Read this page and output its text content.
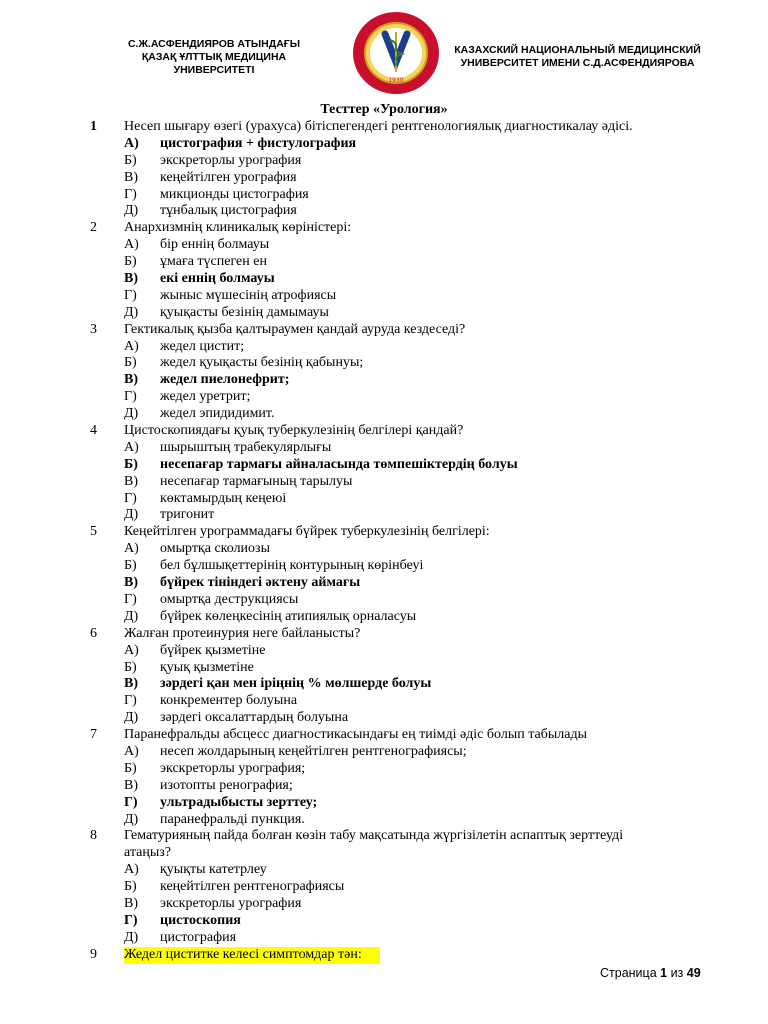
С.Ж.АСФЕНДИЯРОВ АТЫНДАҒЫ
ҚАЗАҚ ҰЛТТЫҚ МЕДИЦИНА
УНИВЕРСИТЕТІ
1930
КАЗАХСКИЙ НАЦИОНАЛЬНЫЙ МЕДИЦИНСКИЙ
УНИВЕРСИТЕТ ИМЕНИ С.Д.АСФЕНДИЯРОВА
Тесттер «Урология»
1 Несеп шығару өзегі (урахуса) бітіспегендегі рентгенологиялық диагностикалау әдісі.
А) цистография + фистулография
Б) экскреторлы урография
В) кеңейтілген урография
Г) микционды цистография
Д) тұнбалық цистография
2 Анархизмнің клиникалық көріністері:
А) бір еннің болмауы
Б) ұмаға түспеген ен
В) екі еннің болмауы
Г) жыныс мүшесінің атрофиясы
Д) қуықасты безінің дамымауы
3 Гектикалық қызба қалтыраумен қандай ауруда кездеседі?
А) жедел цистит;
Б) жедел қуықасты безінің қабынуы;
В) жедел пиелонефрит;
Г) жедел уретрит;
Д) жедел эпидидимит.
4 Цистоскопиядағы қуық туберкулезінің белгілері қандай?
А) шырыштың трабекулярлығы
Б) несепағар тармағы айналасында төмпешіктердің болуы
В) несепағар тармағының тарылуы
Г) көктамырдың кеңеюі
Д) тригонит
5 Кеңейтілген урограммадағы бүйрек туберкулезінің белгілері:
А) омыртқа сколиозы
Б) бел бұлшықеттерінің контурының көрінбеуі
В) бүйрек тініндегі әктену аймағы
Г) омыртқа деструкциясы
Д) бүйрек көлеңкесінің атипиялық орналасуы
6 Жалған протеинурия неге байланысты?
А) бүйрек қызметіне
Б) қуық қызметіне
В) зәрдегі қан мен іріңнің % мөлшерде болуы
Г) конкрементер болуына
Д) зәрдегі оксалаттардың болуына
7 Паранефральды абсцесс диагностикасындағы ең тиімді әдіс болып табылады
А) несеп жолдарының кеңейтілген рентгенографиясы;
Б) экскреторлы урография;
В) изотопты ренография;
Г) ультрадыбысты зерттеу;
Д) паранефральді пункция.
8 Гематурияның пайда болған көзін табу мақсатында жүргізілетін аспаптық зерттеуді
атаңыз?
А) қуықты катетрлеу
Б) кеңейтілген рентгенографиясы
В) экскреторлы урография
Г) цистоскопия
Д) цистография
9 Жедел циститке келесі симптомдар тән:
Страница 1 из 49
